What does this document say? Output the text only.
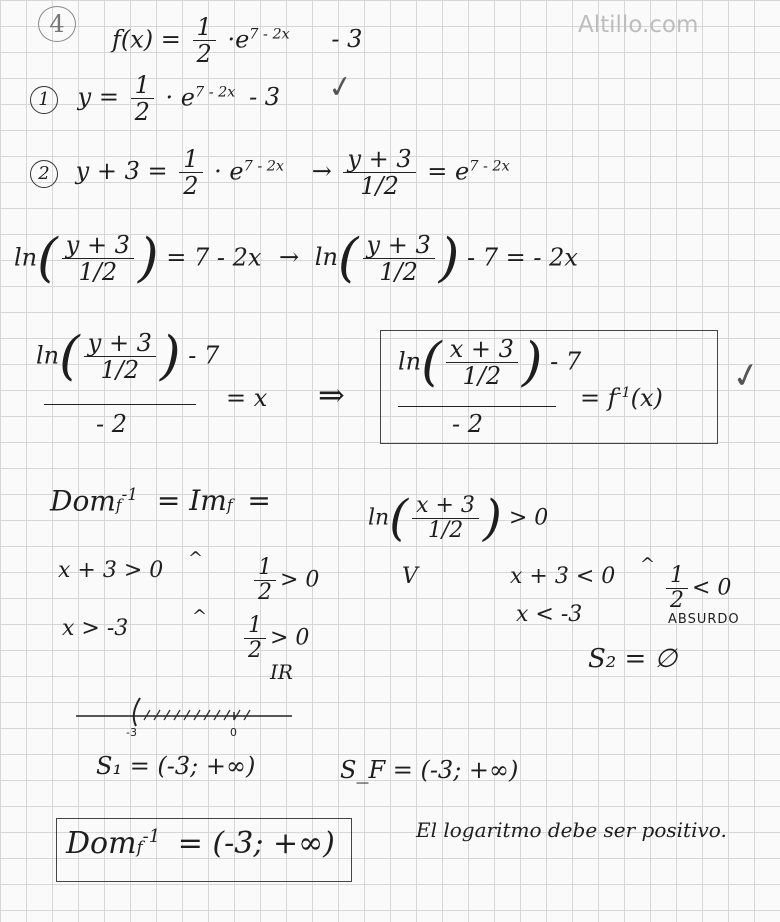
Altillo.com
4
$f(x) = \frac{1}{2} \cdot e^{7 - 2x} - 3$
1 $y = \frac{1}{2} \cdot e^{7 - 2x} - 3$ ✓
2 $y + 3 = \frac{1}{2} \cdot e^{7 - 2x} \to \frac{y + 3}{1/2} = e^{7 - 2x}$
$\ln( \frac{y + 3}{1/2}$ ) = $7 - 2x \to \ln( \frac{y + 3}{1/2}$ ) - 7 = - 2x
$\ln( \frac{y + 3}{1/2}$ ) - 7
- 2
= x ⇒
$\ln( \frac{x + 3}{1/2}$ ) - 7
- 2
= $f^{-1}(x)$ ✓
Domf$^{-1}$ = Imf =
$\ln( \frac{x + 3}{1/2}$ ) > 0
x + 3 > 0 ^ $\frac{1}{2} > 0$	V	x + 3 < 0 ^ $\frac{1}{2} < 0$
x > -3	^ $\frac{1}{2} > 0$
IR
x < -3	ABSURDO
S₂ = ∅
-3	0
S₁ = (-3; +∞)	S_F = (-3; +∞)
Domf$^{-1}$ = (-3; +∞)	El logaritmo debe ser positivo.
